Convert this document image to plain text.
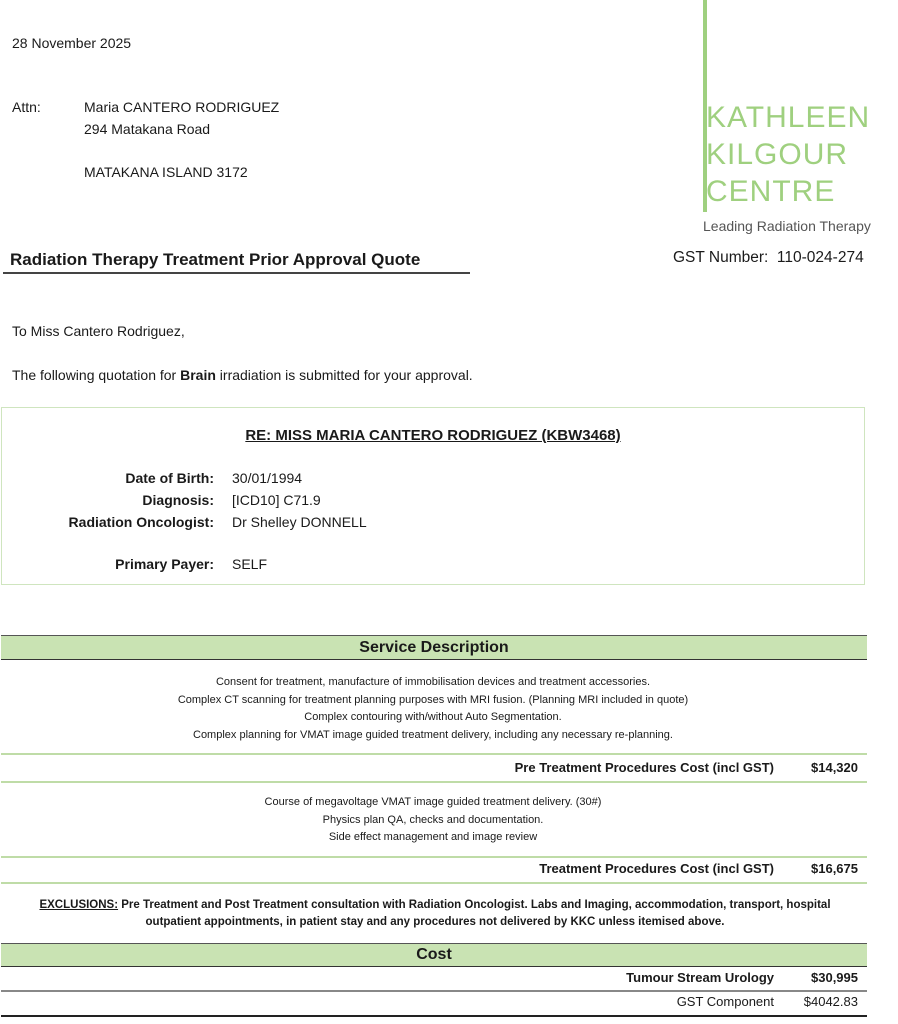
28 November 2025
Attn:	Maria CANTERO RODRIGUEZ
294 Matakana Road
MATAKANA ISLAND 3172
KATHLEEN
KILGOUR
CENTRE
Leading Radiation Therapy
Radiation Therapy Treatment Prior Approval Quote	GST Number:  110-024-274
To Miss Cantero Rodriguez,
The following quotation for Brain irradiation is submitted for your approval.
RE: MISS MARIA CANTERO RODRIGUEZ (KBW3468)
Date of Birth: 30/01/1994
Diagnosis: [ICD10] C71.9
Radiation Oncologist: Dr Shelley DONNELL
Primary Payer: SELF
Service Description
Consent for treatment, manufacture of immobilisation devices and treatment accessories.
Complex CT scanning for treatment planning purposes with MRI fusion. (Planning MRI included in quote)
Complex contouring with/without Auto Segmentation.
Complex planning for VMAT image guided treatment delivery, including any necessary re-planning.
Pre Treatment Procedures Cost (incl GST)	$14,320
Course of megavoltage VMAT image guided treatment delivery. (30#)
Physics plan QA, checks and documentation.
Side effect management and image review
Treatment Procedures Cost (incl GST)	$16,675
EXCLUSIONS: Pre Treatment and Post Treatment consultation with Radiation Oncologist. Labs and Imaging, accommodation, transport, hospital
outpatient appointments, in patient stay and any procedures not delivered by KKC unless itemised above.
Cost
Tumour Stream Urology	$30,995
GST Component $4042.83
